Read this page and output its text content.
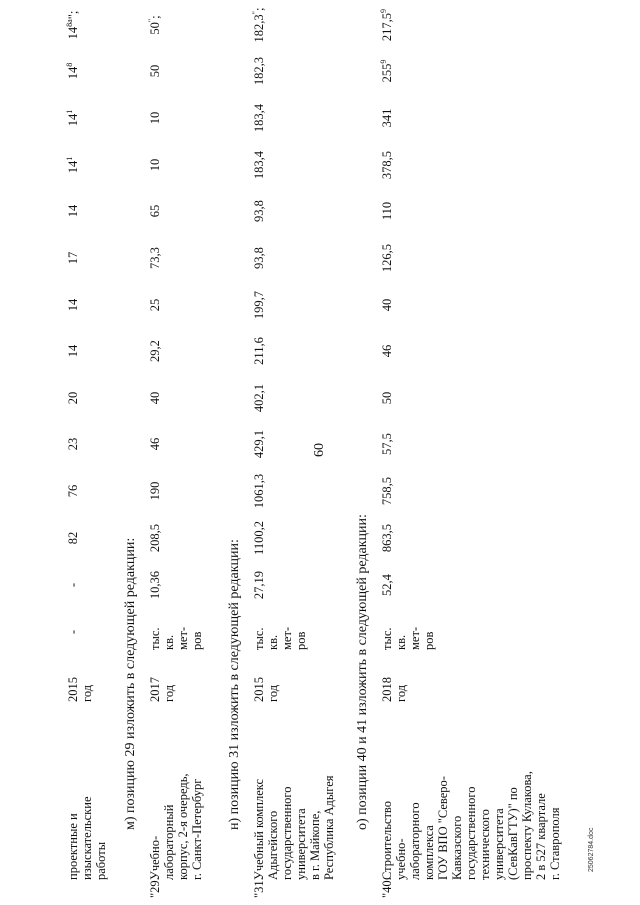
60
25062784.doc
проектные и
изыскательские
работы
2015
год
-
-
82
76
23
20
14
14
17
14
$14^1$
$14^1$
$14^8$
$14^{8а}$";
м) позицию 29 изложить в следующей редакции:
"29.
Учебно-
лабораторный
корпус, 2-я очередь,
г. Санкт-Петербург
2017
год
тыс.
кв.
мет-
ров
10,36
208,5
190
46
40
29,2
25
73,3
65
10
10
50
50";
н) позицию 31 изложить в следующей редакции:
"31.
Учебный комплекс
Адыгейского
государственного
университета
в г. Майкопе,
Республика Адыгея
2015
год
тыс.
кв.
мет-
ров
27,19
1100,2
1061,3
429,1
402,1
211,6
199,7
93,8
93,8
183,4
183,4
182,3
182,3";
о) позиции 40 и 41 изложить в следующей редакции:
"40.
Строительство
учебно-
лабораторного
комплекса
ГОУ ВПО "Северо-
Кавказского
государственного
технического
университета
(СевКавГТУ)" по
проспекту Кулакова,
2 в 527 квартале
г. Ставрополя
2018
год
тыс.
кв.
мет-
ров
52,4
863,5
758,5
57,5
50
46
40
126,5
110
378,5
341
$255^9$
217,5$^9$
